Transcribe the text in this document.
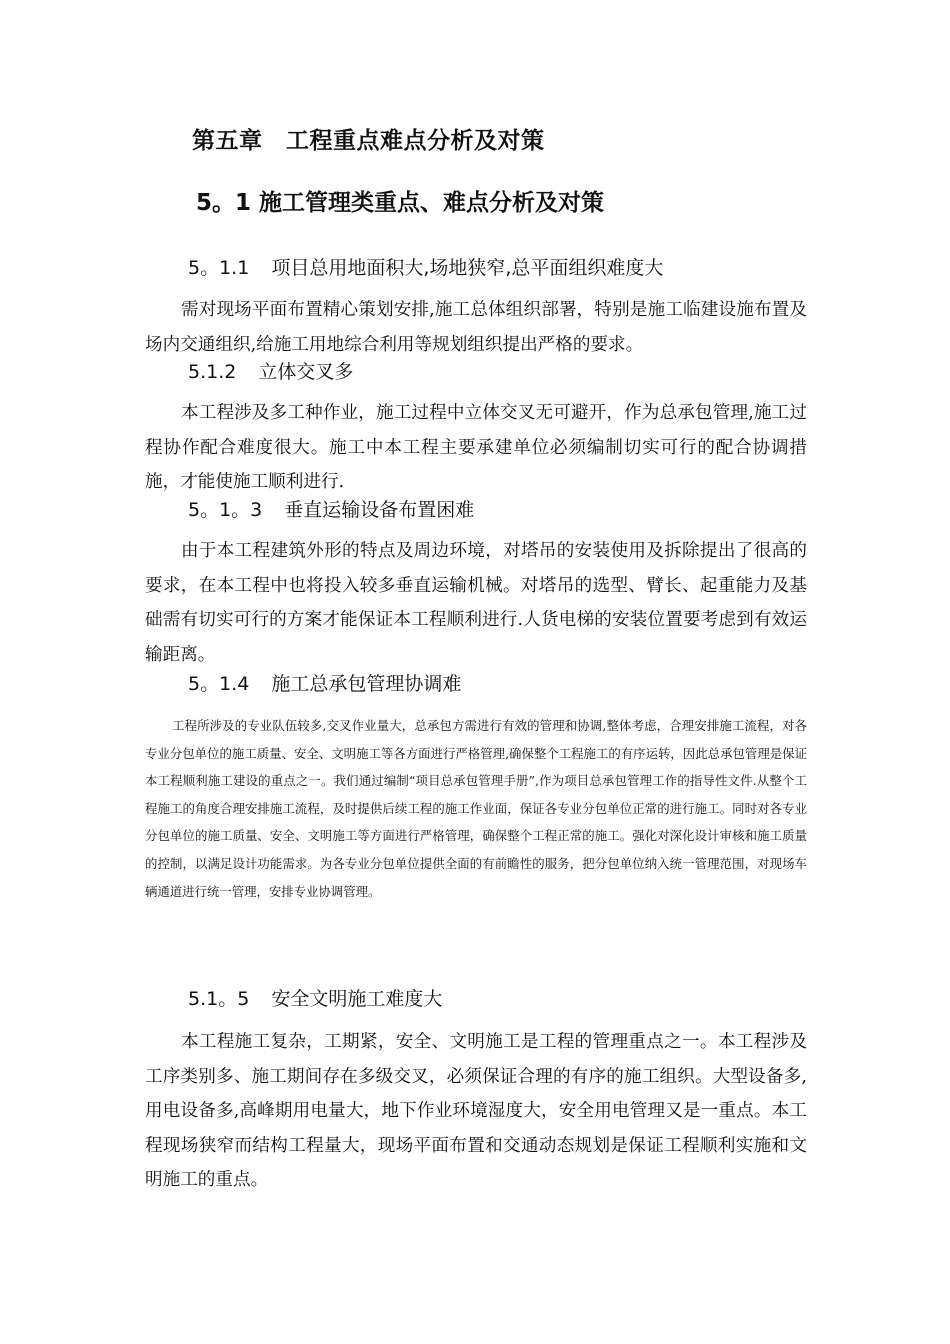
第五章　工程重点难点分析及对策
5。1 施工管理类重点、难点分析及对策
5。1.1 项目总用地面积大,场地狭窄,总平面组织难度大

需对现场平面布置精心策划安排,施工总体组织部署，特别是施工临建设施布置及场内交通组织,给施工用地综合利用等规划组织提出严格的要求。

5.1.2 立体交叉多

本工程涉及多工种作业，施工过程中立体交叉无可避开，作为总承包管理,施工过程协作配合难度很大。施工中本工程主要承建单位必须编制切实可行的配合协调措施，才能使施工顺利进行.

5。1。3 垂直运输设备布置困难

由于本工程建筑外形的特点及周边环境，对塔吊的安装使用及拆除提出了很高的要求，在本工程中也将投入较多垂直运输机械。对塔吊的选型、臂长、起重能力及基础需有切实可行的方案才能保证本工程顺利进行.人货电梯的安装位置要考虑到有效运输距离。

5。1.4 施工总承包管理协调难

工程所涉及的专业队伍较多,交叉作业量大，总承包方需进行有效的管理和协调,整体考虑，合理安排施工流程，对各专业分包单位的施工质量、安全、文明施工等各方面进行严格管理,确保整个工程施工的有序运转，因此总承包管理是保证本工程顺利施工建设的重点之一。我们通过编制“项目总承包管理手册”,作为项目总承包管理工作的指导性文件.从整个工程施工的角度合理安排施工流程，及时提供后续工程的施工作业面，保证各专业分包单位正常的进行施工。同时对各专业分包单位的施工质量、安全、文明施工等方面进行严格管理，确保整个工程正常的施工。强化对深化设计审核和施工质量的控制，以满足设计功能需求。为各专业分包单位提供全面的有前瞻性的服务，把分包单位纳入统一管理范围，对现场车辆通道进行统一管理，安排专业协调管理。

5.1。5 安全文明施工难度大

本工程施工复杂，工期紧，安全、文明施工是工程的管理重点之一。本工程涉及工序类别多、施工期间存在多级交叉，必须保证合理的有序的施工组织。大型设备多,用电设备多,高峰期用电量大，地下作业环境湿度大，安全用电管理又是一重点。本工程现场狭窄而结构工程量大，现场平面布置和交通动态规划是保证工程顺利实施和文明施工的重点。
